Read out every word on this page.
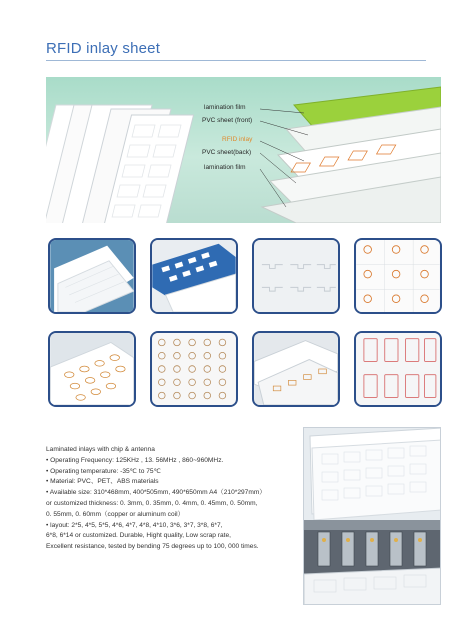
RFID inlay sheet
lamination film
PVC sheet (front)
RFID inlay
PVC sheet(back)
lamination film
Laminated inlays with chip & antenna
• Operating Frequency: 125KHz , 13. 56MHz , 860~960MHz.
• Operating temperature: -35℃ to 75℃
• Material: PVC、PET、ABS materials
• Available size: 310*468mm, 400*505mm, 490*650mm A4（210*297mm）
or customized thickness: 0. 3mm, 0. 35mm, 0. 4mm, 0. 45mm, 0. 50mm,
0. 55mm, 0. 60mm（copper or aluminum coil）
• layout: 2*5, 4*5, 5*5, 4*6, 4*7, 4*8, 4*10, 3*6, 3*7, 3*8, 6*7,
6*8, 6*14 or customized. Durable, Hight quality, Low scrap rate,
Excellent resistance, tested by bending 75 degrees up to 100, 000 times.
